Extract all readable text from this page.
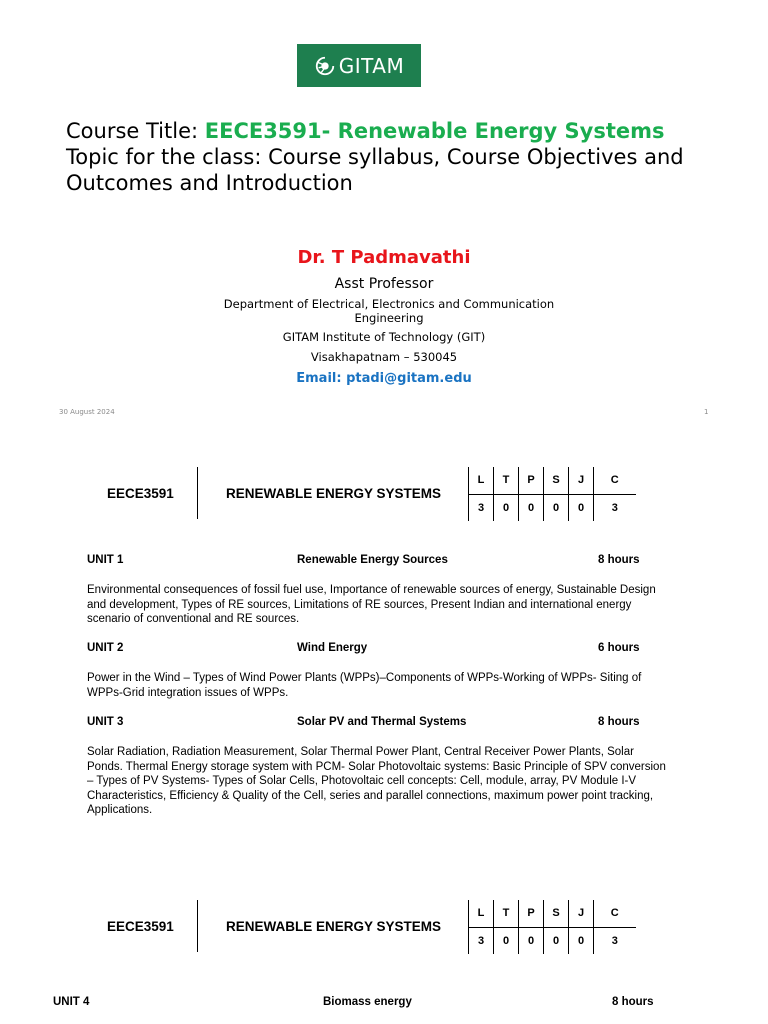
GITAM
Course Title: EECE3591- Renewable Energy Systems
Topic for the class: Course syllabus, Course Objectives and Outcomes and Introduction
Dr. T Padmavathi
Asst Professor
Department of Electrical, Electronics and Communication Engineering
GITAM Institute of Technology (GIT)
Visakhapatnam – 530045
Email: ptadi@gitam.edu
30 August 2024	1
EECE3591	RENEWABLE ENERGY SYSTEMS
L	T	P	S	J	C
3	0	0	0	0	3
UNIT 1	Renewable Energy Sources	8 hours
Environmental consequences of fossil fuel use, Importance of renewable sources of energy, Sustainable Design and development, Types of RE sources, Limitations of RE sources, Present Indian and international energy scenario of conventional and RE sources.
UNIT 2	Wind Energy	6 hours
Power in the Wind – Types of Wind Power Plants (WPPs)–Components of WPPs-Working of WPPs- Siting of WPPs-Grid integration issues of WPPs.
UNIT 3	Solar PV and Thermal Systems	8 hours
Solar Radiation, Radiation Measurement, Solar Thermal Power Plant, Central Receiver Power Plants, Solar Ponds. Thermal Energy storage system with PCM- Solar Photovoltaic systems: Basic Principle of SPV conversion – Types of PV Systems- Types of Solar Cells, Photovoltaic cell concepts: Cell, module, array, PV Module I-V Characteristics, Efficiency & Quality of the Cell, series and parallel connections, maximum power point tracking, Applications.
EECE3591	RENEWABLE ENERGY SYSTEMS
L	T	P	S	J	C
3	0	0	0	0	3
UNIT 4	Biomass energy	8 hours
